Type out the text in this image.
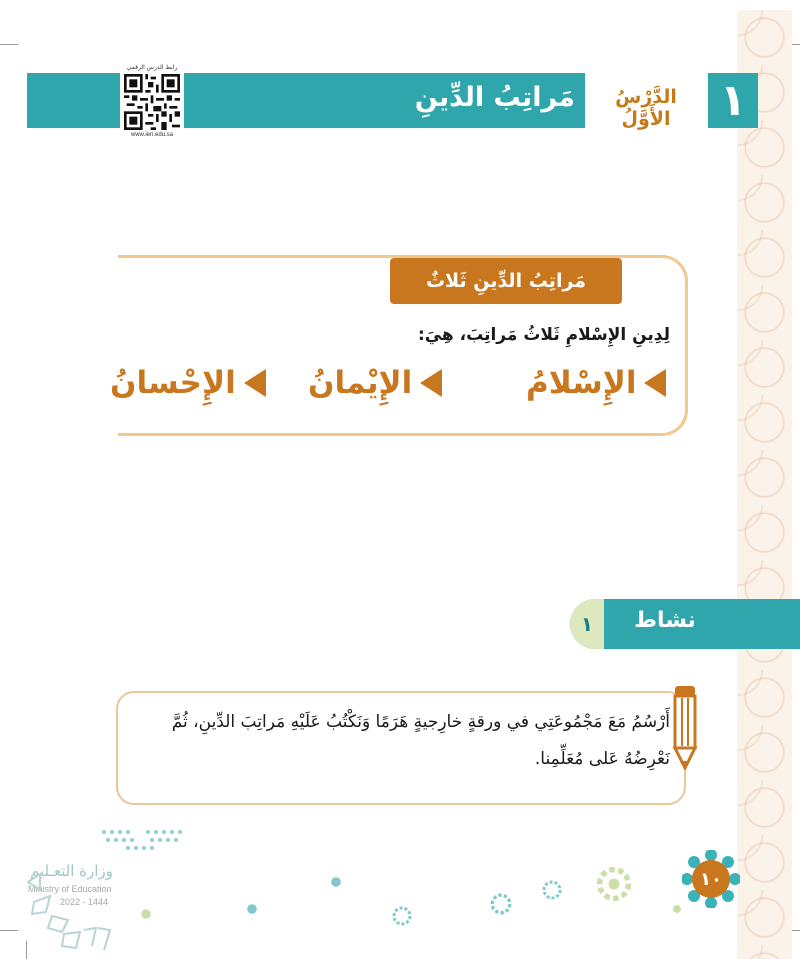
١
الدَّرْسُ الأَوَّلُ
مَراتِبُ الدِّينِ
رابط الدرس الرقمي
www.ien.edu.sa
مَراتِبُ الدِّينِ ثَلاثٌ
لِدِينِ الإِسْلامِ ثَلاثُ مَراتِبَ، هِيَ:
الإِسْلامُ
الإِيْمانُ
الإِحْسانُ
١	نشاط
أَرْسُمُ مَعَ مَجْمُوعَتِي في ورقةٍ خارِجيةٍ هَرَمًا وَنَكْتُبُ عَلَيْهِ مَراتِبَ الدِّينِ، ثُمَّ
نَعْرِضُهُ عَلى مُعَلِّمِنا.
١٠
وزارة التعـليم
Ministry of Education
2022 - 1444
